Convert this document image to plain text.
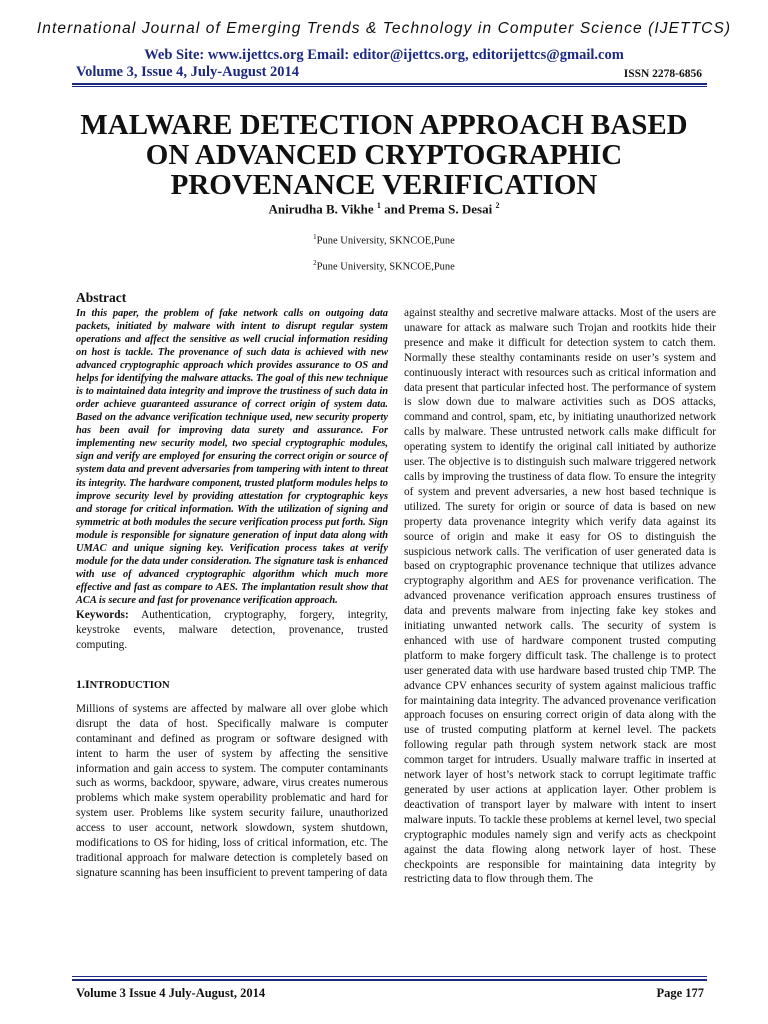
International Journal of Emerging Trends & Technology in Computer Science (IJETTCS)
Web Site: www.ijettcs.org Email: editor@ijettcs.org, editorijettcs@gmail.com
Volume 3, Issue 4, July-August 2014	ISSN 2278-6856
MALWARE DETECTION APPROACH BASED ON ADVANCED CRYPTOGRAPHIC PROVENANCE VERIFICATION
Anirudha B. Vikhe $^1$ and Prema S. Desai $^2$
$^1$Pune University, SKNCOE,Pune
$^2$Pune University, SKNCOE,Pune
Abstract

In this paper, the problem of fake network calls on outgoing data packets, initiated by malware with intent to disrupt regular system operations and affect the sensitive as well crucial information residing on host is tackle. The provenance of such data is achieved with new advanced cryptographic approach which provides assurance to OS and helps for identifying the malware attacks. The goal of this new technique is to maintained data integrity and improve the trustiness of such data in order achieve guaranteed assurance of correct origin of system data. Based on the advance verification technique used, new security property has been avail for improving data surety and assurance. For implementing new security model, two special cryptographic modules, sign and verify are employed for ensuring the correct origin or source of system data and prevent adversaries from tampering with intent to threat its integrity. The hardware component, trusted platform modules helps to improve security level by providing attestation for cryptographic keys and storage for critical information. With the utilization of signing and symmetric at both modules the secure verification process put forth. Sign module is responsible for signature generation of input data along with UMAC and unique signing key. Verification process takes at verify module for the data under consideration. The signature task is enhanced with use of advanced cryptographic algorithm which much more effective and fast as compare to AES. The implantation result show that ACA is secure and fast for provenance verification approach.

Keywords: Authentication, cryptography, forgery, integrity, keystroke events, malware detection, provenance, trusted computing.

1.INTRODUCTION

Millions of systems are affected by malware all over globe which disrupt the data of host. Specifically malware is computer contaminant and defined as program or software designed with intent to harm the user of system by affecting the sensitive information and gain access to system. The computer contaminants such as worms, backdoor, spyware, adware, virus creates numerous problems which make system operability problematic and hard for system user. Problems like system security failure, unauthorized access to user account, network slowdown, system shutdown, modifications to OS for hiding, loss of critical information, etc. The traditional approach for malware detection is completely based on signature scanning has been insufficient to prevent tampering of data

against stealthy and secretive malware attacks. Most of the users are unaware for attack as malware such Trojan and rootkits hide their presence and make it difficult for detection system to catch them. Normally these stealthy contaminants reside on user’s system and continuously interact with resources such as critical information and data present that particular infected host. The performance of system is slow down due to malware activities such as DOS attacks, command and control, spam, etc, by initiating unauthorized network calls by malware. These untrusted network calls make difficult for operating system to identify the original call initiated by authorize user. The objective is to distinguish such malware triggered network calls by improving the trustiness of data flow. To ensure the integrity of system and prevent adversaries, a new host based technique is utilized. The surety for origin or source of data is based on new property data provenance integrity which verify data against its source of origin and make it easy for OS to distinguish the suspicious network calls. The verification of user generated data is based on cryptographic provenance technique that utilizes advance cryptography algorithm and AES for provenance verification. The advanced provenance verification approach ensures trustiness of data and prevents malware from injecting fake key stokes and initiating unwanted network calls. The security of system is enhanced with use of hardware component trusted computing platform to make forgery difficult task. The challenge is to protect user generated data with use hardware based trusted chip TMP. The advance CPV enhances security of system against malicious traffic for maintaining data integrity. The advanced provenance verification approach focuses on ensuring correct origin of data along with the use of trusted computing platform at kernel level. The packets following regular path through system network stack are most common target for intruders. Usually malware traffic in inserted at network layer of host’s network stack to corrupt legitimate traffic generated by user actions at application layer. Other problem is deactivation of transport layer by malware with intent to insert malware inputs. To tackle these problems at kernel level, two special cryptographic modules namely sign and verify acts as checkpoint against the data flowing along network layer of host. These checkpoints are responsible for maintaining data integrity by restricting data to flow through them. The

Volume 3 Issue 4 July-August, 2014	Page 177
